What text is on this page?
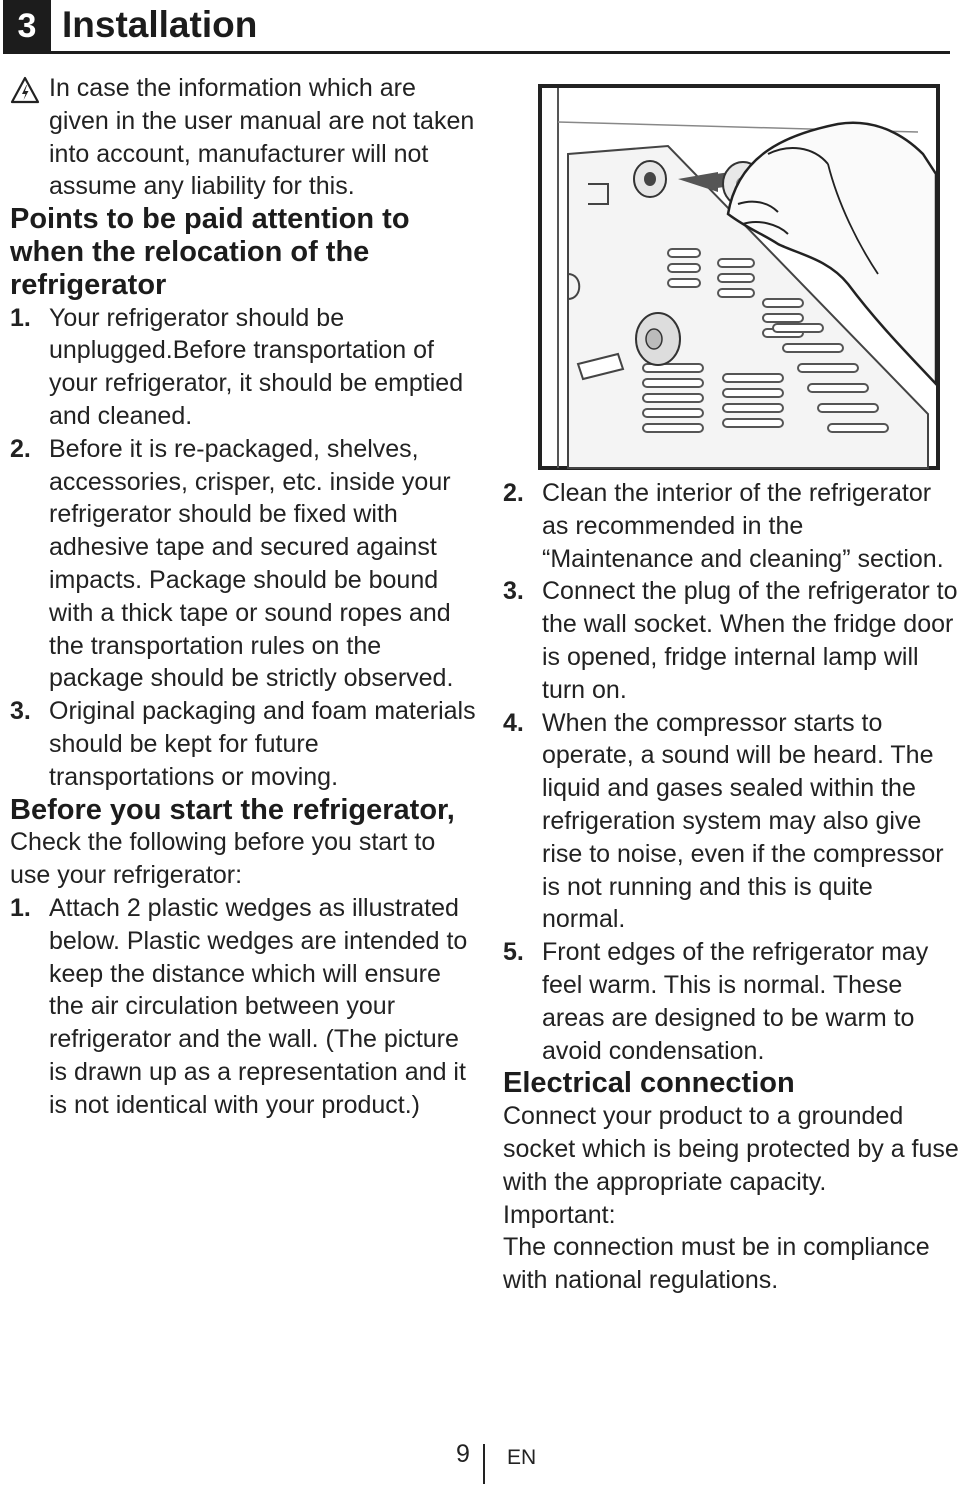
3 Installation
In case the information which are given in the user manual are not taken into account, manufacturer will not assume any liability for this.
Points to be paid attention to when the relocation of the refrigerator
1. Your refrigerator should be unplugged.Before transportation of your refrigerator, it should be emptied and cleaned.
2. Before it is re-packaged, shelves, accessories, crisper, etc. inside your refrigerator should be fixed with adhesive tape and secured against impacts. Package should be bound with a thick tape or sound ropes and the transportation rules on the package should be strictly observed.
3. Original packaging and foam materials should be kept for future transportations or moving.
Before you start the refrigerator,

Check the following before you start to use your refrigerator:

1. Attach 2 plastic wedges as illustrated below. Plastic wedges are intended to keep the distance which will ensure the air circulation between your refrigerator and the wall. (The picture is drawn up as a representation and it is not identical with your product.)
2. Clean the interior of the refrigerator as recommended in the “Maintenance and cleaning” section.
3. Connect the plug of the refrigerator to the wall socket. When the fridge door is opened, fridge internal lamp will turn on.
4. When the compressor starts to operate, a sound will be heard. The liquid and gases sealed within the refrigeration system may also give rise to noise, even if the compressor is not running and this is quite normal.
5. Front edges of the refrigerator may feel warm. This is normal. These areas are designed to be warm to avoid condensation.
Electrical connection

Connect your product to a grounded socket which is being protected by a fuse with the appropriate capacity.

Important:

The connection must be in compliance with national regulations.

9 EN
